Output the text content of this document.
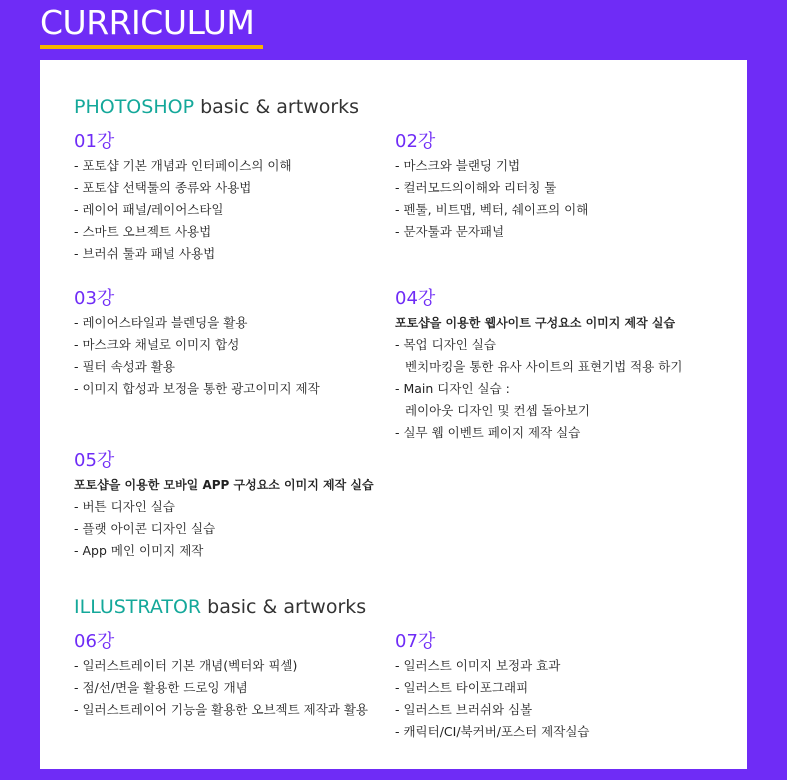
CURRICULUM
PHOTOSHOP basic & artworks
01강
- 포토샵 기본 개념과 인터페이스의 이해
- 포토샵 선택툴의 종류와 사용법
- 레이어 패널/레이어스타일
- 스마트 오브젝트 사용법
- 브러쉬 툴과 패널 사용법
02강
- 마스크와 블랜딩 기법
- 컬러모드의이해와 리터칭 툴
- 펜툴, 비트맵, 벡터, 쉐이프의 이해
- 문자툴과 문자패널
03강
- 레이어스타일과 블렌딩을 활용
- 마스크와 채널로 이미지 합성
- 필터 속성과 활용
- 이미지 합성과 보정을 통한 광고이미지 제작
04강
포토샵을 이용한 웹사이트 구성요소 이미지 제작 실습
- 목업 디자인 실습
벤치마킹을 통한 유사 사이트의 표현기법 적용 하기
- Main 디자인 실습 :
레이아웃 디자인 및 컨셉 돌아보기
- 실무 웹 이벤트 페이지 제작 실습
05강
포토샵을 이용한 모바일 APP 구성요소 이미지 제작 실습
- 버튼 디자인 실습
- 플랫 아이콘 디자인 실습
- App 메인 이미지 제작
ILLUSTRATOR basic & artworks
06강
- 일러스트레이터 기본 개념(벡터와 픽셀)
- 점/선/면을 활용한 드로잉 개념
- 일러스트레이어 기능을 활용한 오브젝트 제작과 활용
07강
- 일러스트 이미지 보정과 효과
- 일러스트 타이포그래피
- 일러스트 브러쉬와 심볼
- 캐릭터/CI/북커버/포스터 제작실습
